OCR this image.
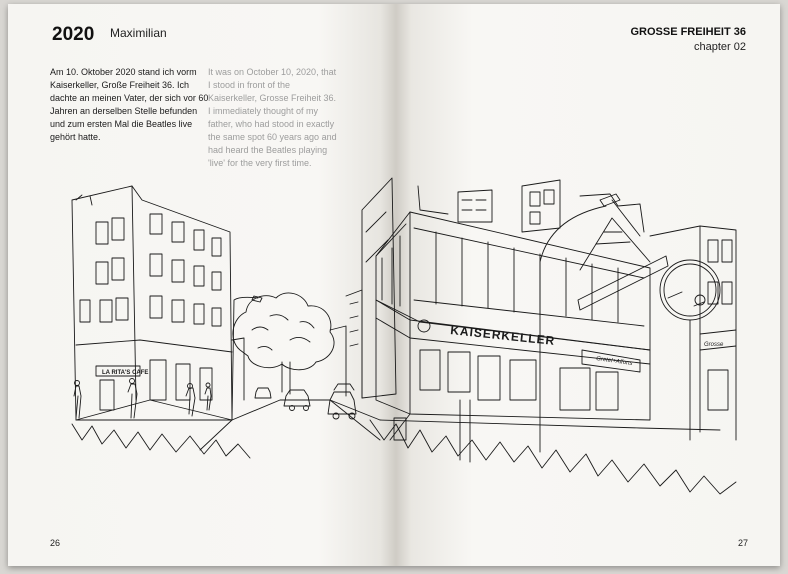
KAISERKELLER
LA RITA'S CAFE
Gretel+Alfons
Grosse
2020 Maximilian
Am 10. Oktober 2020 stand ich vorm Kaiserkeller, Große Freiheit 36. Ich dachte an meinen Vater, der sich vor 60 Jahren an derselben Stelle befunden und zum ersten Mal die Beatles live gehört hatte.
It was on October 10, 2020, that I stood in front of the Kaiserkeller, Grosse Freiheit 36. I immediately thought of my father, who had stood in exactly the same spot 60 years ago and had heard the Beatles playing 'live' for the very first time.
26
GROSSE FREIHEIT 36
chapter 02
27
